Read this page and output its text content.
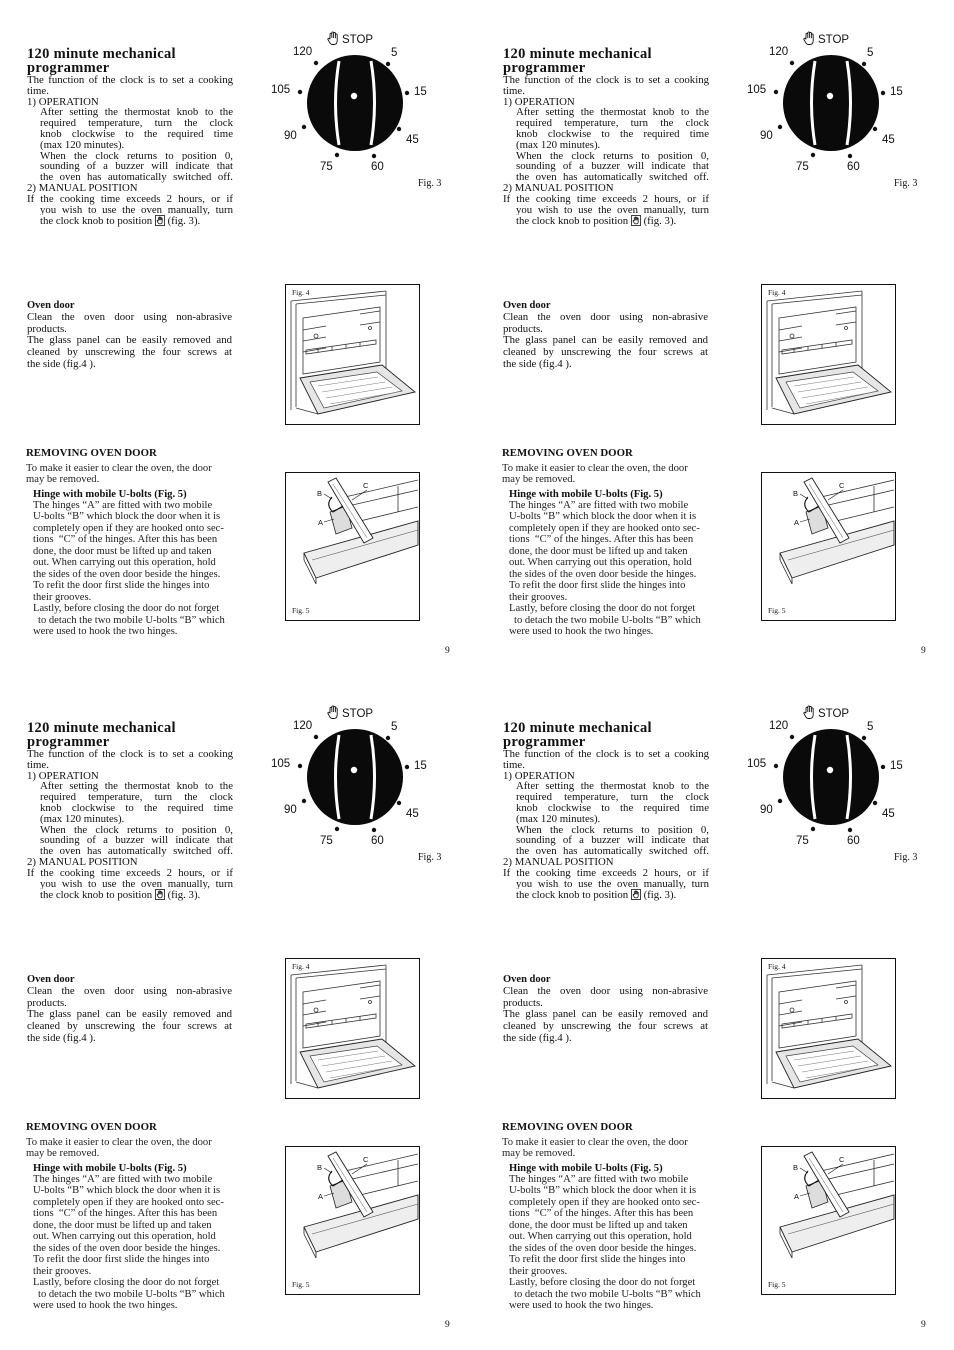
120 minute mechanical
programmer
The function of the clock is to set a cooking
time.
1) OPERATION
After setting the thermostat knob to the
required temperature, turn the clock
knob clockwise to the required time
(max 120 minutes).
When the clock returns to position 0,
sounding of a buzzer will indicate that
the oven has automatically switched off.
2) MANUAL POSITION
If the cooking time exceeds 2 hours, or if
you wish to use the oven manually, turn
the clock knob to position (fig. 3).
STOP
120	5
105	15
90	45
75	60
Fig. 3
Oven door
Clean the oven door using non-abrasive
products.
The glass panel can be easily removed and
cleaned by unscrewing the four screws at
the side (fig.4 ).
Fig. 4
REMOVING OVEN DOOR
To make it easier to clear the oven, the door
may be removed.
Hinge with mobile U-bolts (Fig. 5)
The hinges “A” are fitted with two mobile
U-bolts “B” which block the door when it is
completely open if they are hooked onto sec-
tions  “C” of the hinges. After this has been
done, the door must be lifted up and taken
out. When carrying out this operation, hold
the sides of the oven door beside the hinges.
To refit the door first slide the hinges into
their grooves.
Lastly, before closing the door do not forget
to detach the two mobile U-bolts “B” which
were used to hook the two hinges.
C
B
A
Fig. 5
9
120 minute mechanical
programmer
The function of the clock is to set a cooking
time.
1) OPERATION
After setting the thermostat knob to the
required temperature, turn the clock
knob clockwise to the required time
(max 120 minutes).
When the clock returns to position 0,
sounding of a buzzer will indicate that
the oven has automatically switched off.
2) MANUAL POSITION
If the cooking time exceeds 2 hours, or if
you wish to use the oven manually, turn
the clock knob to position (fig. 3).
STOP
120	5
105	15
90	45
75	60
Fig. 3
Oven door
Clean the oven door using non-abrasive
products.
The glass panel can be easily removed and
cleaned by unscrewing the four screws at
the side (fig.4 ).
Fig. 4
REMOVING OVEN DOOR
To make it easier to clear the oven, the door
may be removed.
Hinge with mobile U-bolts (Fig. 5)
The hinges “A” are fitted with two mobile
U-bolts “B” which block the door when it is
completely open if they are hooked onto sec-
tions  “C” of the hinges. After this has been
done, the door must be lifted up and taken
out. When carrying out this operation, hold
the sides of the oven door beside the hinges.
To refit the door first slide the hinges into
their grooves.
Lastly, before closing the door do not forget
to detach the two mobile U-bolts “B” which
were used to hook the two hinges.
C
B
A
Fig. 5
9
120 minute mechanical
programmer
The function of the clock is to set a cooking
time.
1) OPERATION
After setting the thermostat knob to the
required temperature, turn the clock
knob clockwise to the required time
(max 120 minutes).
When the clock returns to position 0,
sounding of a buzzer will indicate that
the oven has automatically switched off.
2) MANUAL POSITION
If the cooking time exceeds 2 hours, or if
you wish to use the oven manually, turn
the clock knob to position (fig. 3).
STOP
120	5
105	15
90	45
75	60
Fig. 3
Oven door
Clean the oven door using non-abrasive
products.
The glass panel can be easily removed and
cleaned by unscrewing the four screws at
the side (fig.4 ).
Fig. 4
REMOVING OVEN DOOR
To make it easier to clear the oven, the door
may be removed.
Hinge with mobile U-bolts (Fig. 5)
The hinges “A” are fitted with two mobile
U-bolts “B” which block the door when it is
completely open if they are hooked onto sec-
tions  “C” of the hinges. After this has been
done, the door must be lifted up and taken
out. When carrying out this operation, hold
the sides of the oven door beside the hinges.
To refit the door first slide the hinges into
their grooves.
Lastly, before closing the door do not forget
to detach the two mobile U-bolts “B” which
were used to hook the two hinges.
C
B
A
Fig. 5
9
120 minute mechanical
programmer
The function of the clock is to set a cooking
time.
1) OPERATION
After setting the thermostat knob to the
required temperature, turn the clock
knob clockwise to the required time
(max 120 minutes).
When the clock returns to position 0,
sounding of a buzzer will indicate that
the oven has automatically switched off.
2) MANUAL POSITION
If the cooking time exceeds 2 hours, or if
you wish to use the oven manually, turn
the clock knob to position (fig. 3).
STOP
120	5
105	15
90	45
75	60
Fig. 3
Oven door
Clean the oven door using non-abrasive
products.
The glass panel can be easily removed and
cleaned by unscrewing the four screws at
the side (fig.4 ).
Fig. 4
REMOVING OVEN DOOR
To make it easier to clear the oven, the door
may be removed.
Hinge with mobile U-bolts (Fig. 5)
The hinges “A” are fitted with two mobile
U-bolts “B” which block the door when it is
completely open if they are hooked onto sec-
tions  “C” of the hinges. After this has been
done, the door must be lifted up and taken
out. When carrying out this operation, hold
the sides of the oven door beside the hinges.
To refit the door first slide the hinges into
their grooves.
Lastly, before closing the door do not forget
to detach the two mobile U-bolts “B” which
were used to hook the two hinges.
C
B
A
Fig. 5
9
